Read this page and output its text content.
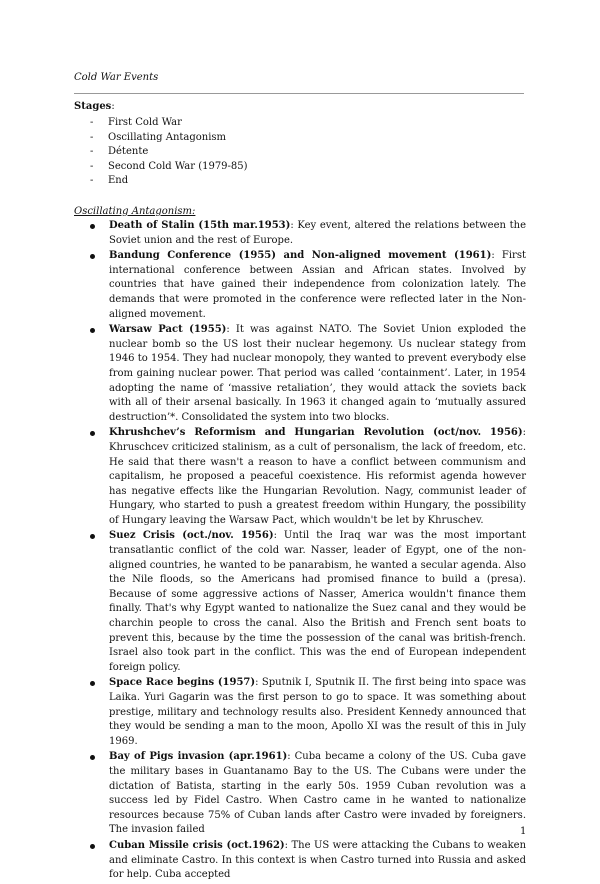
Cold War Events
Stages:
- First Cold War
- Oscillating Antagonism
- Détente
- Second Cold War (1979-85)
- End
Oscillating Antagonism:
Death of Stalin (15th mar.1953): Key event, altered the relations between the Soviet union and the rest of Europe.
Bandung Conference (1955) and Non-aligned movement (1961): First international conference between Assian and African states. Involved by countries that have gained their independence from colonization lately. The demands that were promoted in the conference were reflected later in the Non-aligned movement.
Warsaw Pact (1955): It was against NATO. The Soviet Union exploded the nuclear bomb so the US lost their nuclear hegemony. Us nuclear stategy from 1946 to 1954. They had nuclear monopoly, they wanted to prevent everybody else from gaining nuclear power. That period was called ‘containment’. Later, in 1954 adopting the name of ‘massive retaliation’, they would attack the soviets back with all of their arsenal basically. In 1963 it changed again to ‘mutually assured destruction’*. Consolidated the system into two blocks.
Khrushchev’s Reformism and Hungarian Revolution (oct/nov. 1956): Khruschcev criticized stalinism, as a cult of personalism, the lack of freedom, etc. He said that there wasn't a reason to have a conflict between communism and capitalism, he proposed a peaceful coexistence. His reformist agenda however has negative effects like the Hungarian Revolution. Nagy, communist leader of Hungary, who started to push a greatest freedom within Hungary, the possibility of Hungary leaving the Warsaw Pact, which wouldn't be let by Khruschev.
Suez Crisis (oct./nov. 1956): Until the Iraq war was the most important transatlantic conflict of the cold war. Nasser, leader of Egypt, one of the non-aligned countries, he wanted to be panarabism, he wanted a secular agenda. Also the Nile floods, so the Americans had promised finance to build a (presa). Because of some aggressive actions of Nasser, America wouldn't finance them finally. That's why Egypt wanted to nationalize the Suez canal and they would be charchin people to cross the canal. Also the British and French sent boats to prevent this, because by the time the possession of the canal was british-french. Israel also took part in the conflict. This was the end of European independent foreign policy.
Space Race begins (1957): Sputnik I, Sputnik II. The first being into space was Laika. Yuri Gagarin was the first person to go to space. It was something about prestige, military and technology results also. President Kennedy announced that they would be sending a man to the moon, Apollo XI was the result of this in July 1969.
Bay of Pigs invasion (apr.1961): Cuba became a colony of the US. Cuba gave the military bases in Guantanamo Bay to the US. The Cubans were under the dictation of Batista, starting in the early 50s. 1959 Cuban revolution was a success led by Fidel Castro. When Castro came in he wanted to nationalize resources because 75% of Cuban lands after Castro were invaded by foreigners. The invasion failed
Cuban Missile crisis (oct.1962): The US were attacking the Cubans to weaken and eliminate Castro. In this context is when Castro turned into Russia and asked for help. Cuba accepted
1
